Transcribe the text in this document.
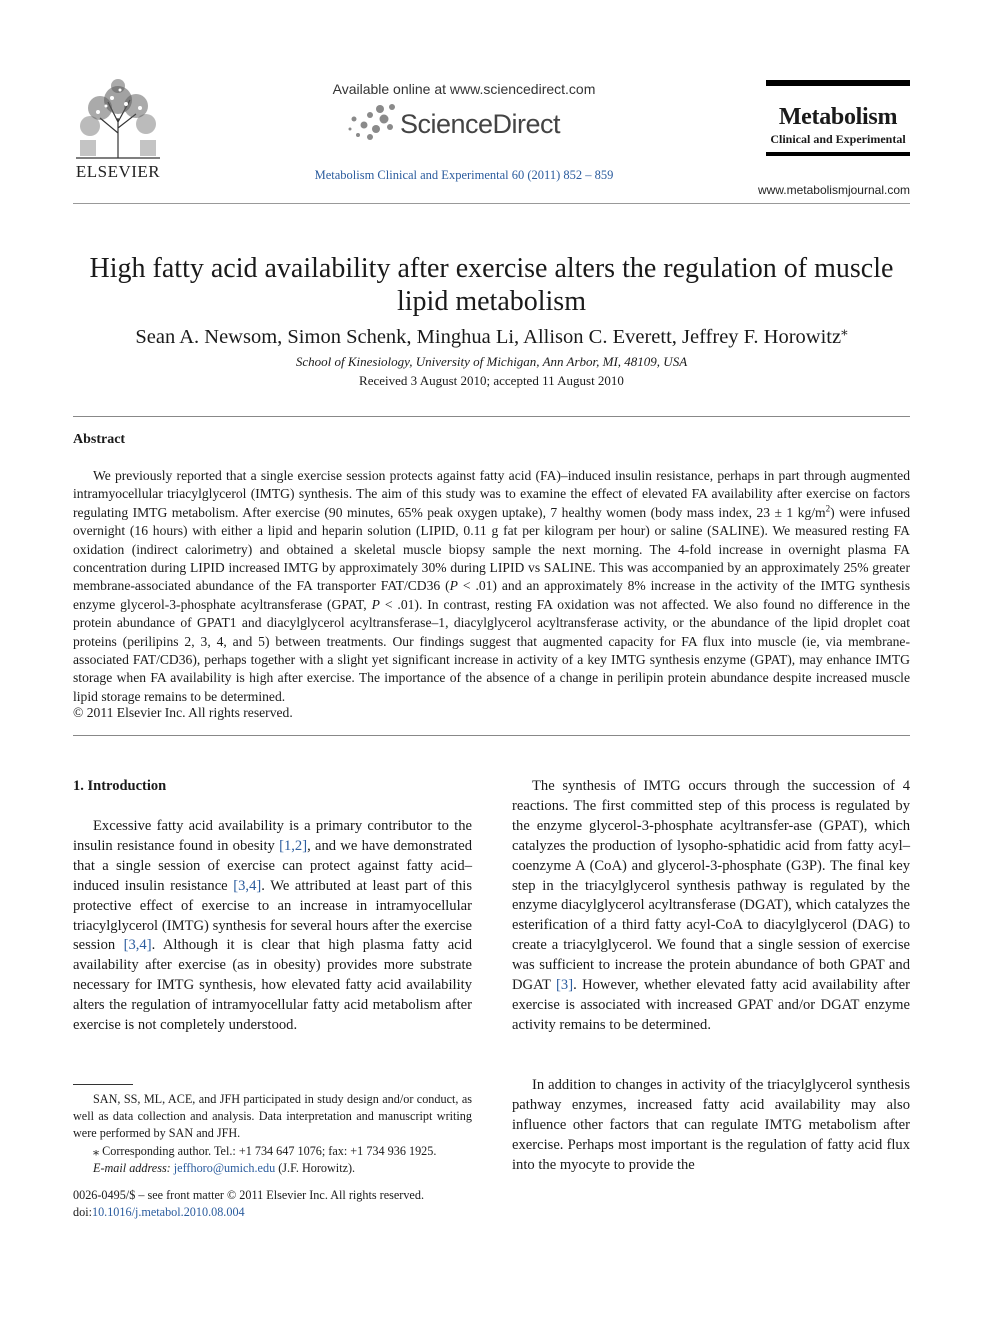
ELSEVIER
Available online at www.sciencedirect.com
ScienceDirect
Metabolism Clinical and Experimental 60 (2011) 852 – 859
Metabolism
Clinical and Experimental
www.metabolismjournal.com
High fatty acid availability after exercise alters the regulation of muscle lipid metabolism
Sean A. Newsom, Simon Schenk, Minghua Li, Allison C. Everett, Jeffrey F. Horowitz⁎
School of Kinesiology, University of Michigan, Ann Arbor, MI, 48109, USA
Received 3 August 2010; accepted 11 August 2010
Abstract
We previously reported that a single exercise session protects against fatty acid (FA)–induced insulin resistance, perhaps in part through augmented intramyocellular triacylglycerol (IMTG) synthesis. The aim of this study was to examine the effect of elevated FA availability after exercise on factors regulating IMTG metabolism. After exercise (90 minutes, 65% peak oxygen uptake), 7 healthy women (body mass index, 23 ± 1 $kg/m^2$) were infused overnight (16 hours) with either a lipid and heparin solution (LIPID, 0.11 g fat per kilogram per hour) or saline (SALINE). We measured resting FA oxidation (indirect calorimetry) and obtained a skeletal muscle biopsy sample the next morning. The 4-fold increase in overnight plasma FA concentration during LIPID increased IMTG by approximately 30% during LIPID vs SALINE. This was accompanied by an approximately 25% greater membrane-associated abundance of the FA transporter FAT/CD36 (P < .01) and an approximately 8% increase in the activity of the IMTG synthesis enzyme glycerol-3-phosphate acyltransferase (GPAT, P < .01). In contrast, resting FA oxidation was not affected. We also found no difference in the protein abundance of GPAT1 and diacylglycerol acyltransferase–1, diacylglycerol acyltransferase activity, or the abundance of the lipid droplet coat proteins (perilipins 2, 3, 4, and 5) between treatments. Our findings suggest that augmented capacity for FA flux into muscle (ie, via membrane-associated FAT/CD36), perhaps together with a slight yet significant increase in activity of a key IMTG synthesis enzyme (GPAT), may enhance IMTG storage when FA availability is high after exercise. The importance of the absence of a change in perilipin protein abundance despite increased muscle lipid storage remains to be determined.
© 2011 Elsevier Inc. All rights reserved.
1. Introduction
Excessive fatty acid availability is a primary contributor to the insulin resistance found in obesity [1,2], and we have demonstrated that a single session of exercise can protect against fatty acid–induced insulin resistance [3,4]. We attributed at least part of this protective effect of exercise to an increase in intramyocellular triacylglycerol (IMTG) synthesis for several hours after the exercise session [3,4]. Although it is clear that high plasma fatty acid availability after exercise (as in obesity) provides more substrate necessary for IMTG synthesis, how elevated fatty acid availability alters the regulation of intramyocellular fatty acid metabolism after exercise is not completely understood.
The synthesis of IMTG occurs through the succession of 4 reactions. The first committed step of this process is regulated by the enzyme glycerol-3-phosphate acyltransfer-ase (GPAT), which catalyzes the production of lysopho-sphatidic acid from fatty acyl–coenzyme A (CoA) and glycerol-3-phosphate (G3P). The final key step in the triacylglycerol synthesis pathway is regulated by the enzyme diacylglycerol acyltransferase (DGAT), which catalyzes the esterification of a third fatty acyl-CoA to diacylglycerol (DAG) to create a triacylglycerol. We found that a single session of exercise was sufficient to increase the protein abundance of both GPAT and DGAT [3]. However, whether elevated fatty acid availability after exercise is associated with increased GPAT and/or DGAT enzyme activity remains to be determined.
In addition to changes in activity of the triacylglycerol synthesis pathway enzymes, increased fatty acid availability may also influence other factors that can regulate IMTG metabolism after exercise. Perhaps most important is the regulation of fatty acid flux into the myocyte to provide the
SAN, SS, ML, ACE, and JFH participated in study design and/or conduct, as well as data collection and analysis. Data interpretation and manuscript writing were performed by SAN and JFH.
⁎ Corresponding author. Tel.: +1 734 647 1076; fax: +1 734 936 1925.
E-mail address: jeffhoro@umich.edu (J.F. Horowitz).
0026-0495/$ – see front matter © 2011 Elsevier Inc. All rights reserved.
doi:10.1016/j.metabol.2010.08.004
